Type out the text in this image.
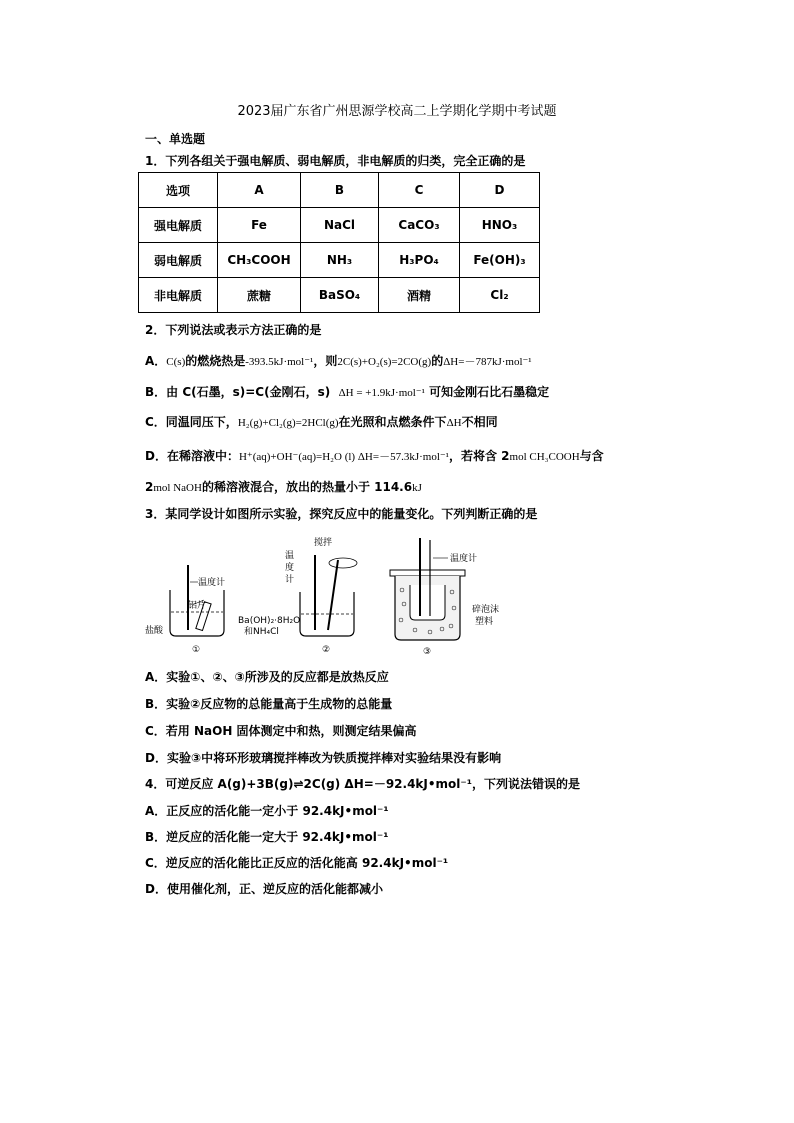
2023届广东省广州思源学校高二上学期化学期中考试题
一、单选题
1．下列各组关于强电解质、弱电解质，非电解质的归类，完全正确的是
选项	A	B	C	D
强电解质	Fe	NaCl	CaCO₃	HNO₃
弱电解质	CH₃COOH	NH₃	H₃PO₄	Fe(OH)₃
非电解质	蔗糖	BaSO₄	酒精	Cl₂
2．下列说法或表示方法正确的是
A．C(s)的燃烧热是-393.5kJ·mol⁻¹，则2C(s)+O₂(s)=2CO(g)的ΔH=－787kJ·mol⁻¹
B．由 C(石墨，s)=C(金刚石，s) ΔH = +1.9kJ·mol⁻¹ 可知金刚石比石墨稳定
C．同温同压下，H₂(g)+Cl₂(g)=2HCl(g)在光照和点燃条件下ΔH不相同
D．在稀溶液中：H⁺(aq)+OH⁻(aq)=H₂O (l) ΔH=－57.3kJ·mol⁻¹，若将含 2mol CH₃COOH与含
2mol NaOH的稀溶液混合，放出的热量小于 114.6kJ
3．某同学设计如图所示实验，探究反应中的能量变化。下列判断正确的是
温度计
铝片
盐酸
①
温
度
计
搅拌
Ba(OH)₂·8H₂O
和NH₄Cl
②
温度计
碎泡沫
塑料
③
A．实验①、②、③所涉及的反应都是放热反应
B．实验②反应物的总能量高于生成物的总能量
C．若用 NaOH 固体测定中和热，则测定结果偏高
D．实验③中将环形玻璃搅拌棒改为铁质搅拌棒对实验结果没有影响
4．可逆反应 A(g)+3B(g)⇌2C(g) ΔH=－92.4kJ•mol⁻¹，下列说法错误的是
A．正反应的活化能一定小于 92.4kJ•mol⁻¹
B．逆反应的活化能一定大于 92.4kJ•mol⁻¹
C．逆反应的活化能比正反应的活化能高 92.4kJ•mol⁻¹
D．使用催化剂，正、逆反应的活化能都减小
